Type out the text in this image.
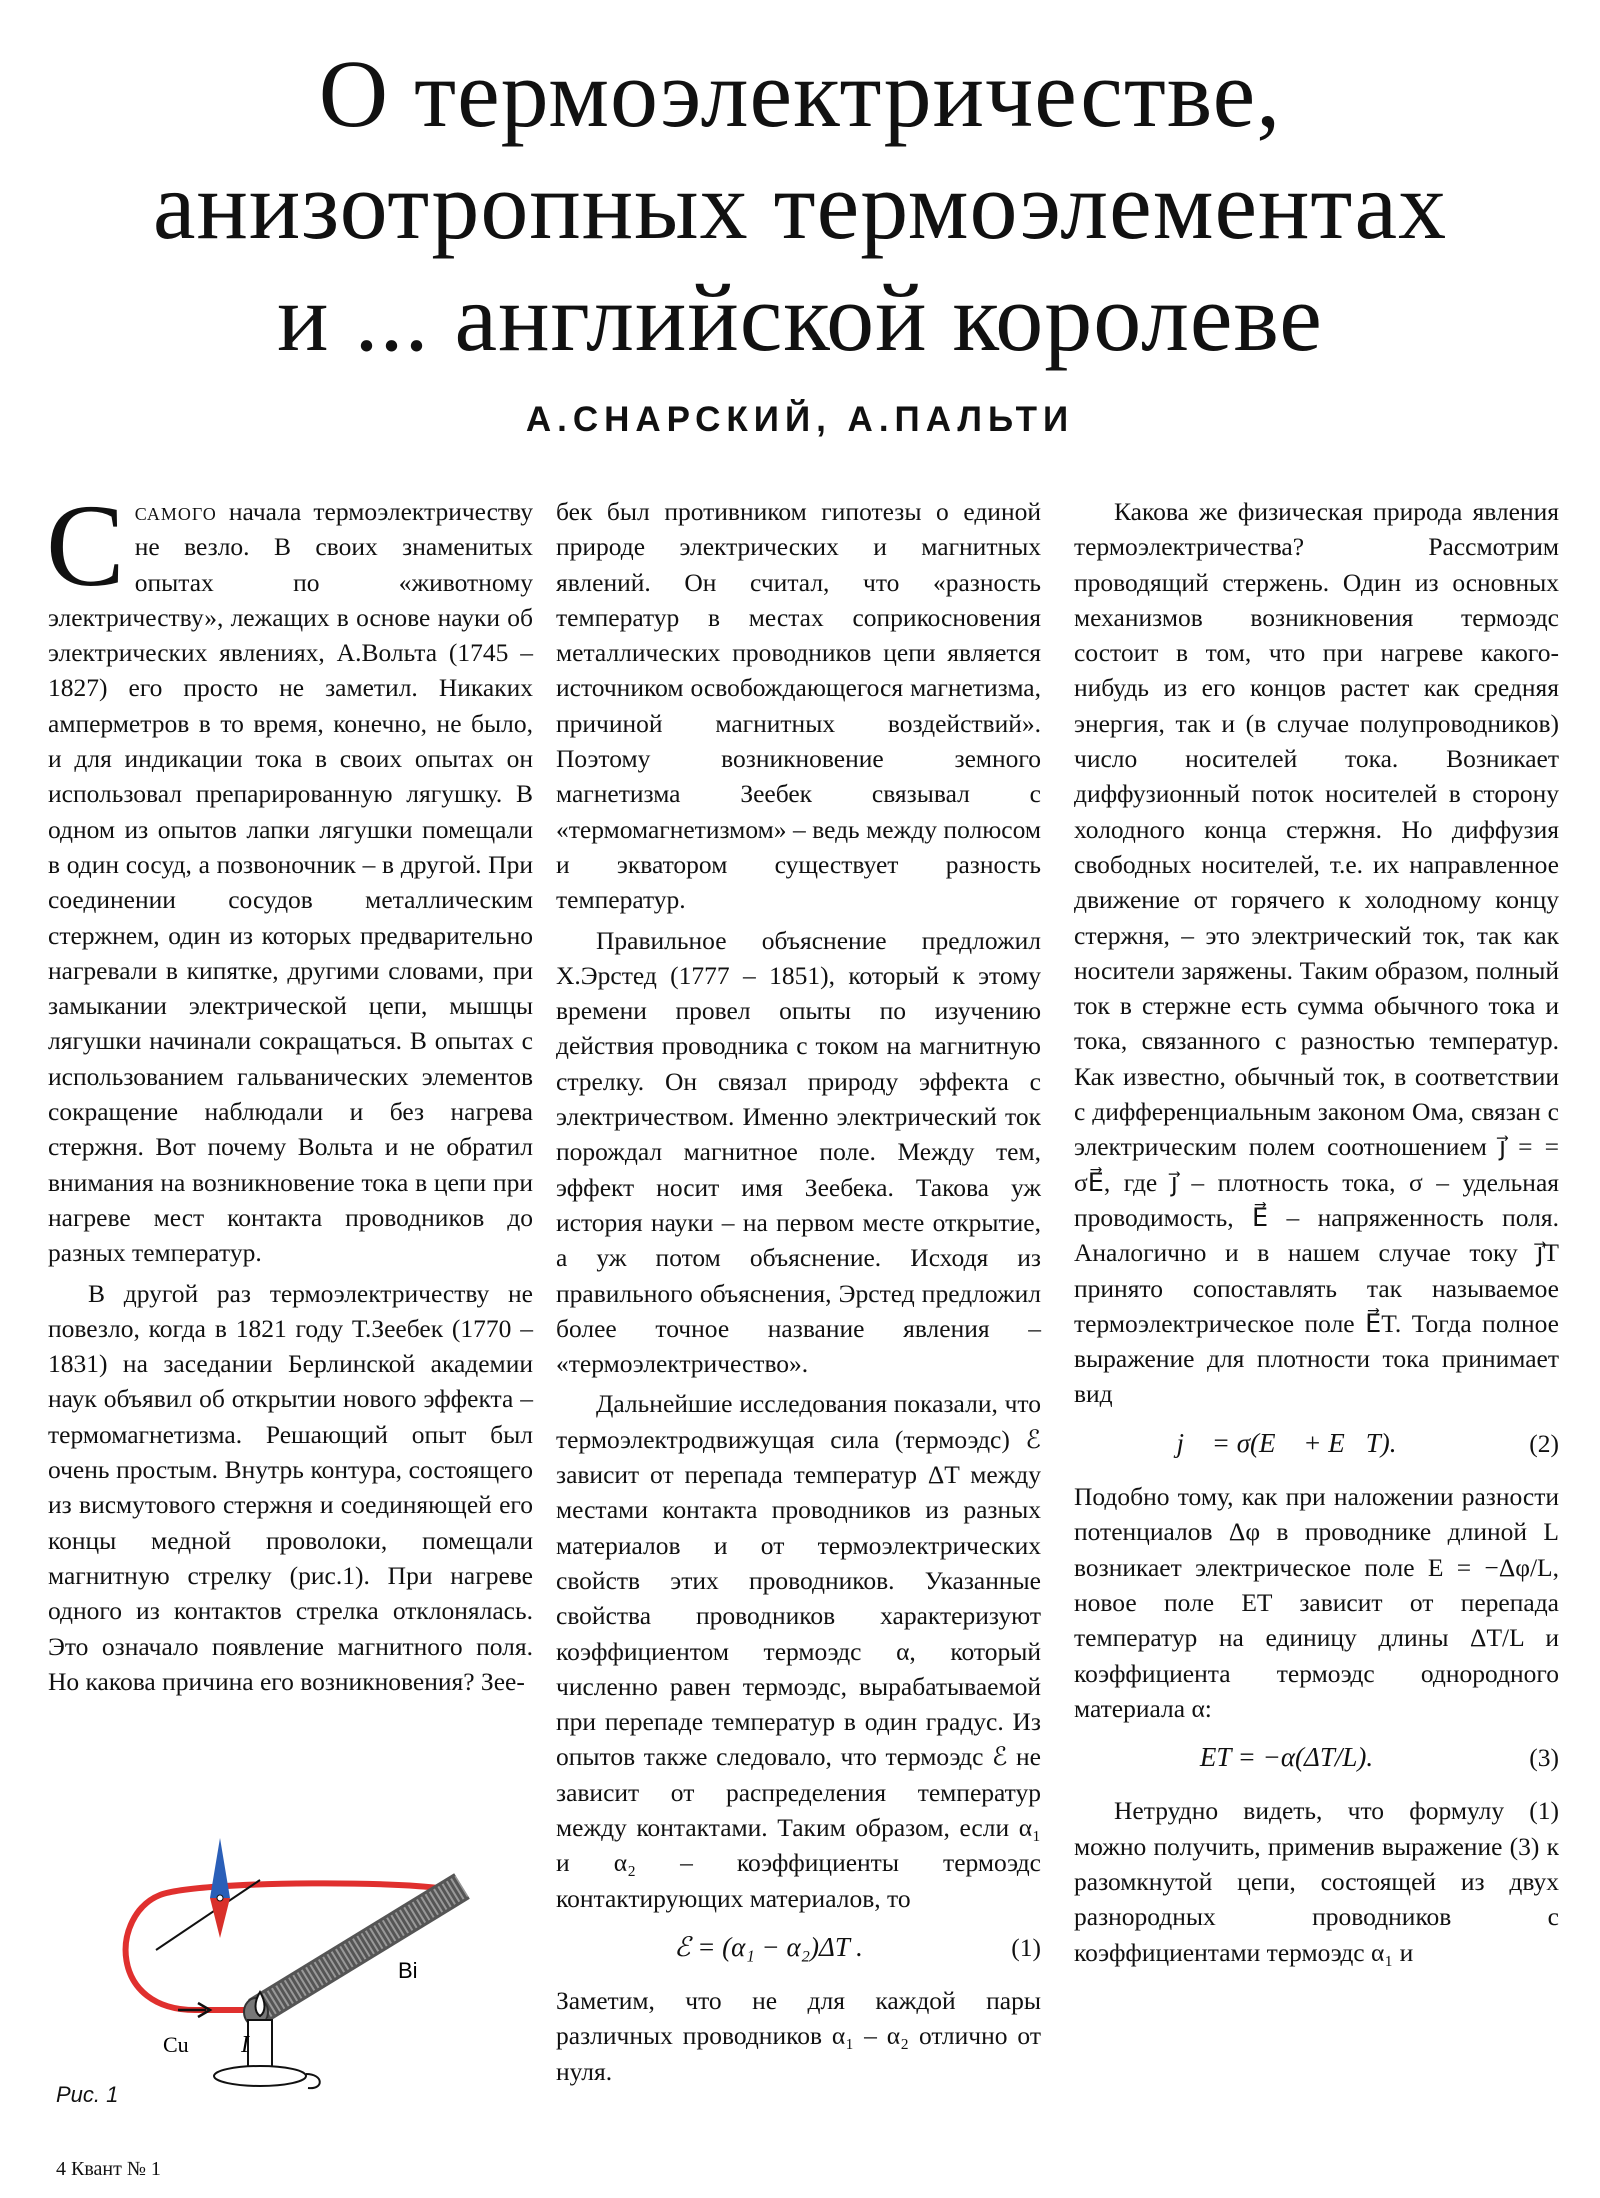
О термоэлектричестве,
анизотропных термоэлементах
и ... английской королеве
А.СНАРСКИЙ, А.ПАЛЬТИ

Ссамого начала термоэлектричеству не везло. В своих знаменитых опытах по «животному электричеству», лежащих в основе науки об электрических явлениях, А.Вольта (1745 – 1827) его просто не заметил. Никаких амперметров в то время, конечно, не было, и для индикации тока в своих опытах он использовал препарированную лягушку. В одном из опытов лапки лягушки помещали в один сосуд, а позвоночник – в другой. При соединении сосудов металлическим стержнем, один из которых предварительно нагревали в кипятке, другими словами, при замыкании электрической цепи, мышцы лягушки начинали сокращаться. В опытах с использованием гальванических элементов сокращение наблюдали и без нагрева стержня. Вот почему Вольта и не обратил внимания на возникновение тока в цепи при нагреве мест контакта проводников до разных температур.

В другой раз термоэлектричеству не повезло, когда в 1821 году Т.Зеебек (1770 – 1831) на заседании Берлинской академии наук объявил об открытии нового эффекта – термомагнетизма. Решающий опыт был очень простым. Внутрь контура, состоящего из висмутового стержня и соединяющей его концы медной проволоки, помещали магнитную стрелку (рис.1). При нагреве одного из контактов стрелка отклонялась. Это означало появление магнитного поля. Но какова причина его возникновения? Зее-

бек был противником гипотезы о единой природе электрических и магнитных явлений. Он считал, что «разность температур в местах соприкосновения металлических проводников цепи является источником освобождающегося магнетизма, причиной магнитных воздействий». Поэтому возникновение земного магнетизма Зеебек связывал с «термомагнетизмом» – ведь между полюсом и экватором существует разность температур.

Правильное объяснение предложил Х.Эрстед (1777 – 1851), который к этому времени провел опыты по изучению действия проводника с током на магнитную стрелку. Он связал природу эффекта с электричеством. Именно электрический ток порождал магнитное поле. Между тем, эффект носит имя Зеебека. Такова уж история науки – на первом месте открытие, а уж потом объяснение. Исходя из правильного объяснения, Эрстед предложил более точное название явления – «термоэлектричество».

Дальнейшие исследования показали, что термоэлектродвижущая сила (термоэдс) ℰ зависит от перепада температур ΔT между местами контакта проводников из разных материалов и от термоэлектрических свойств этих проводников. Указанные свойства проводников характеризуют коэффициентом термоэдс α, который численно равен термоэдс, вырабатываемой при перепаде температур в один градус. Из опытов также следовало, что термоэдс ℰ не зависит от распределения температур между контактами. Таким образом, если α₁ и α₂ – коэффициенты термоэдс контактирующих материалов, то

ℰ = (α₁ − α₂)ΔT .	(1)

Заметим, что не для каждой пары различных проводников α₁ – α₂ отлично от нуля.

Какова же физическая природа явления термоэлектричества? Рассмотрим проводящий стержень. Один из основных механизмов возникновения термоэдс состоит в том, что при нагреве какого-нибудь из его концов растет как средняя энергия, так и (в случае полупроводников) число носителей тока. Возникает диффузионный поток носителей в сторону холодного конца стержня. Но диффузия свободных носителей, т.е. их направленное движение от горячего к холодному концу стержня, – это электрический ток, так как носители заряжены. Таким образом, полный ток в стержне есть сумма обычного тока и тока, связанного с разностью температур. Как известно, обычный ток, в соответствии с дифференциальным законом Ома, связан с электрическим полем соотношением j⃗ = = σE⃗, где j⃗ – плотность тока, σ – удельная проводимость, E⃗ – напряженность поля. Аналогично и в нашем случае току j⃗T принято сопоставлять так называемое термоэлектрическое поле E⃗T. Тогда полное выражение для плотности тока принимает вид

j⃗ = σ(E⃗ + E⃗T).	(2)

Подобно тому, как при наложении разности потенциалов Δφ в проводнике длиной L возникает электрическое поле E = −Δφ/L, новое поле ET зависит от перепада температур на единицу длины ΔT/L и коэффициента термоэдс однородного материала α:

ET = −α(ΔT/L).	(3)

Нетрудно видеть, что формулу (1) можно получить, применив выражение (3) к разомкнутой цепи, состоящей из двух разнородных проводников с коэффициентами термоэдс α₁ и

Bi
Cu I
Рис. 1
4 Квант № 1
